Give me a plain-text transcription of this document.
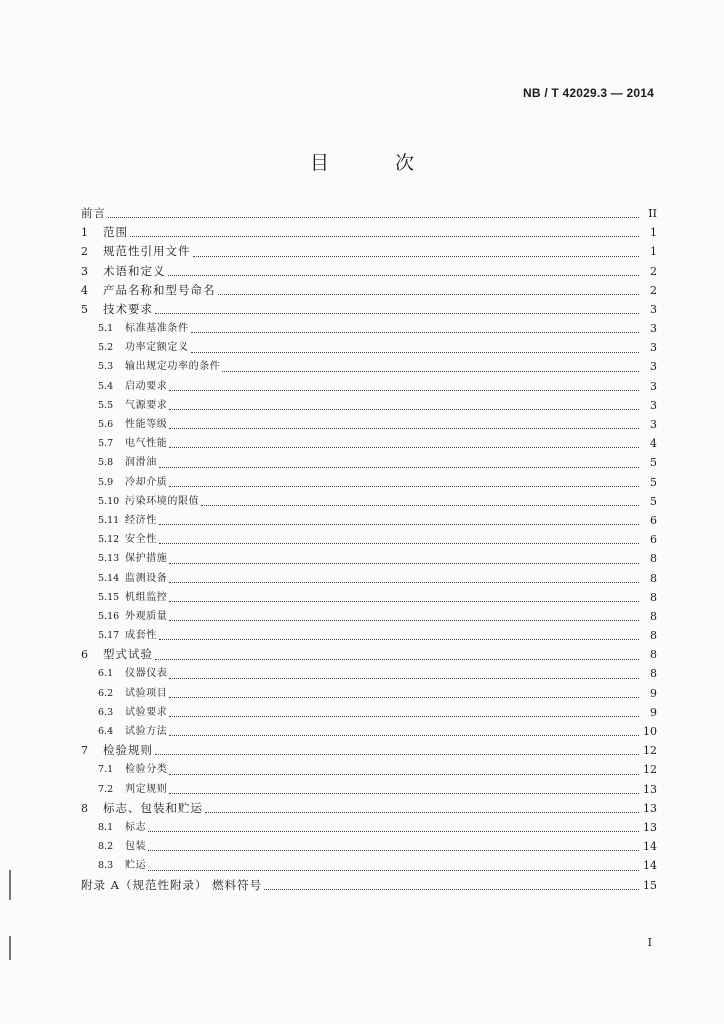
NB / T 42029.3 — 2014
目 次
前言	II
1	范围	1
2	规范性引用文件	1
3	术语和定义	2
4	产品名称和型号命名	2
5	技术要求	3
5.1	标准基准条件	3
5.2	功率定额定义	3
5.3	输出规定功率的条件	3
5.4	启动要求	3
5.5	气源要求	3
5.6	性能等级	3
5.7	电气性能	4
5.8	润滑油	5
5.9	冷却介质	5
5.10 污染环境的限值	5
5.11 经济性	6
5.12 安全性	6
5.13 保护措施	8
5.14 监测设备	8
5.15 机组监控	8
5.16 外观质量	8
5.17 成套性	8
6	型式试验	8
6.1	仪器仪表	8
6.2	试验项目	9
6.3	试验要求	9
6.4	试验方法	10
7	检验规则	12
7.1	检验分类	12
7.2	判定规则	13
8	标志、包装和贮运	13
8.1	标志	13
8.2	包装	14
8.3	贮运	14
附录 A（规范性附录） 燃料符号	15
I
